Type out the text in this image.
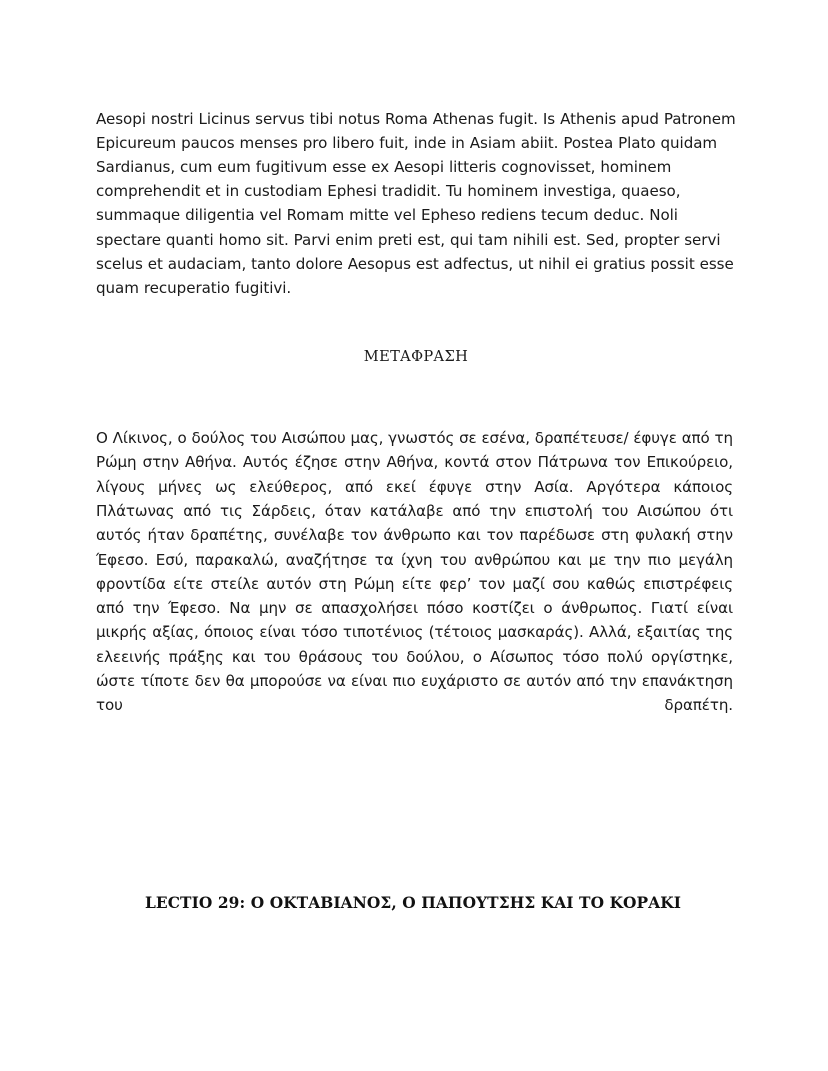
Aesopi nostri Licinus servus tibi notus Roma Athenas fugit. Is Athenis apud Patronem Epicureum paucos menses pro libero fuit, inde in Asiam abiit. Postea Plato quidam Sardianus, cum eum fugitivum esse ex Aesopi litteris cognovisset, hominem comprehendit et in custodiam Ephesi tradidit. Tu hominem investiga, quaeso, summaque diligentia vel Romam mitte vel Epheso rediens tecum deduc. Noli spectare quanti homo sit. Parvi enim preti est, qui tam nihili est. Sed, propter servi scelus et audaciam, tanto dolore Aesopus est adfectus, ut nihil ei gratius possit esse quam recuperatio fugitivi.

ΜΕΤΑΦΡΑΣΗ

Ο Λίκινος, ο δούλος του Αισώπου μας, γνωστός σε εσένα, δραπέτευσε/ έφυγε από τη Ρώμη στην Αθήνα. Αυτός έζησε στην Αθήνα, κοντά στον Πάτρωνα τον Επικούρειο, λίγους μήνες ως ελεύθερος, από εκεί έφυγε στην Ασία. Αργότερα κάποιος Πλάτωνας από τις Σάρδεις, όταν κατάλαβε από την επιστολή του Αισώπου ότι αυτός ήταν δραπέτης, συνέλαβε τον άνθρωπο και τον παρέδωσε στη φυλακή στην Έφεσο. Εσύ, παρακαλώ, αναζήτησε τα ίχνη του ανθρώπου και με την πιο μεγάλη φροντίδα είτε στείλε αυτόν στη Ρώμη είτε φερ’ τον μαζί σου καθώς επιστρέφεις από την Έφεσο. Να μην σε απασχολήσει πόσο κοστίζει ο άνθρωπος. Γιατί είναι μικρής αξίας, όποιος είναι τόσο τιποτένιος (τέτοιος μασκαράς). Αλλά, εξαιτίας της ελεεινής πράξης και του θράσους του δούλου, ο Αίσωπος τόσο πολύ οργίστηκε, ώστε τίποτε δεν θα μπορούσε να είναι πιο ευχάριστο σε αυτόν από την επανάκτηση του δραπέτη.

LECTIO 29: Ο ΟΚΤΑΒΙΑΝΟΣ, Ο ΠΑΠΟΥΤΣΗΣ ΚΑΙ ΤΟ ΚΟΡΑΚΙ
